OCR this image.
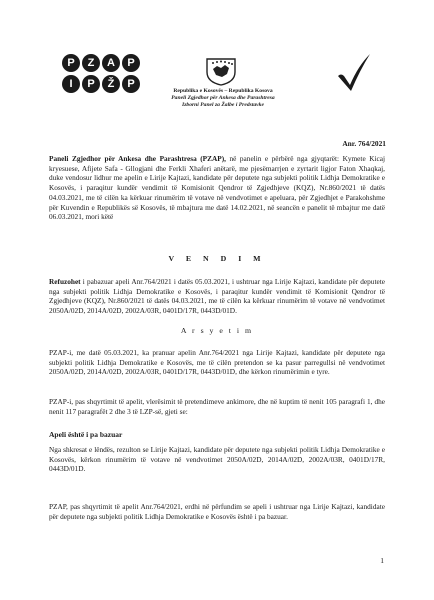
P	Z	A	P
I	P	Ž	P
Republika e Kosovës – Republika Kosova
Paneli Zgjedhor për Ankesa dhe Parashtresa
Izborni Panel za Žalbe i Predstavke
Anr. 764/2021
Paneli Zgjedhor për Ankesa dhe Parashtresa (PZAP), në panelin e përbërë nga gjyqtarët: Kymete Kicaj kryesuese, Afijete Safa - Gllogjani dhe Ferkli Xhaferi anëtarë, me pjesëmarrjen e zyrtarit ligjor Faton Xhaqkaj, duke vendosur lidhur me apelin e Lirije Kajtazi, kandidate për deputete nga subjekti politik Lidhja Demokratike e Kosovës, i paraqitur kundër vendimit të Komisionit Qendror të Zgjedhjeve (KQZ), Nr.860/2021 të datës 04.03.2021, me të cilën ka kërkuar rinumërim të votave në vendvotimet e apeluara, për Zgjedhjet e Parakohshme për Kuvendin e Republikës së Kosovës, të mbajtura me datë 14.02.2021, në seancën e panelit të mbajtur me datë 06.03.2021, mori këtë
V E N D I M
Refuzohet i pabazuar apeli Anr.764/2021 i datës 05.03.2021, i ushtruar nga Lirije Kajtazi, kandidate për deputete nga subjekti politik Lidhja Demokratike e Kosovës, i paraqitur kundër vendimit të Komisionit Qendror të Zgjedhjeve (KQZ), Nr.860/2021 të datës 04.03.2021, me të cilën ka kërkuar rinumërim të votave në vendvotimet 2050A/02D, 2014A/02D, 2002A/03R, 0401D/17R, 0443D/01D.
A r s y e t i m
PZAP-i, me datë 05.03.2021, ka pranuar apelin Anr.764/2021 nga Lirije Kajtazi, kandidate për deputete nga subjekti politik Lidhja Demokratike e Kosovës, me të cilën pretendon se ka pasur parregullsi në vendvotimet 2050A/02D, 2014A/02D, 2002A/03R, 0401D/17R, 0443D/01D, dhe kërkon rinumërimin e tyre.
PZAP-i, pas shqyrtimit të apelit, vlerësimit të pretendimeve ankimore, dhe në kuptim të nenit 105 paragrafi 1, dhe nenit 117 paragrafët 2 dhe 3 të LZP-së, gjeti se:
Apeli është i pa bazuar
Nga shkresat e lëndës, rezulton se Lirije Kajtazi, kandidate për deputete nga subjekti politik Lidhja Demokratike e Kosovës, kërkon rinumërim të votave në vendvotimet 2050A/02D, 2014A/02D, 2002A/03R, 0401D/17R, 0443D/01D.
PZAP, pas shqyrtimit të apelit Anr.764/2021, erdhi në përfundim se apeli i ushtruar nga Lirije Kajtazi, kandidate për deputete nga subjekti politik Lidhja Demokratike e Kosovës është i pa bazuar.
1
